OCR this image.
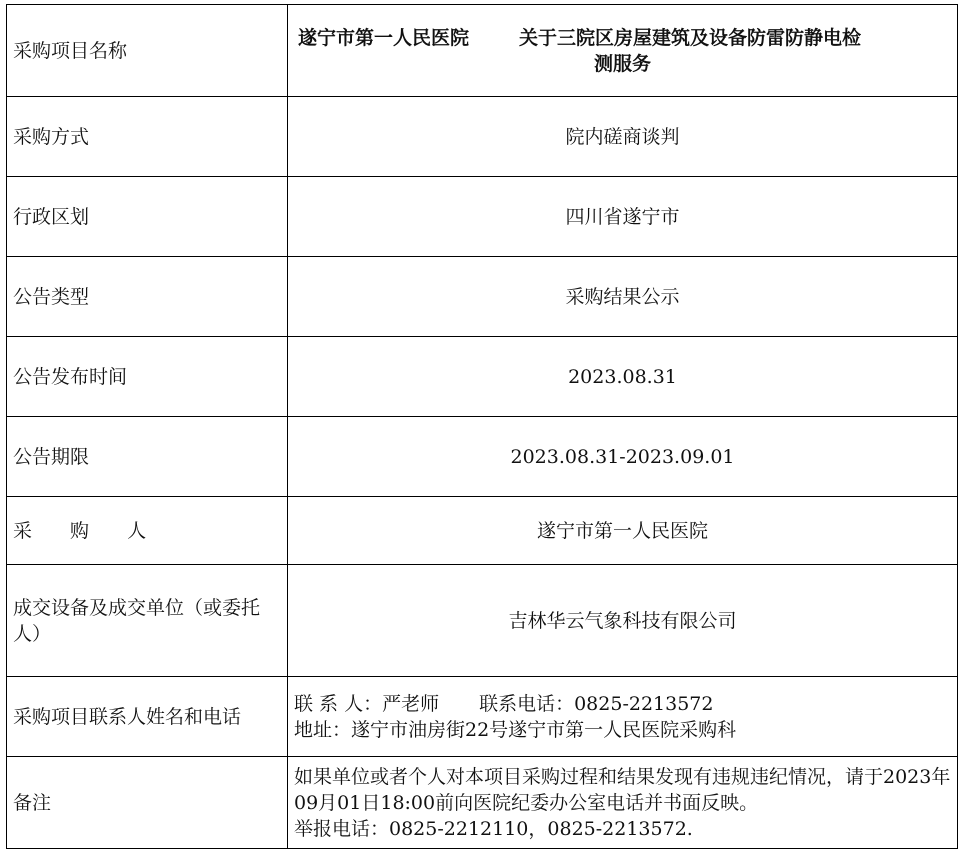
采购项目名称	遂宁市第一人民医院 关于三院区房屋建筑及设备防雷防静电检
测服务

采购方式	院内磋商谈判
行政区划	四川省遂宁市
公告类型	采购结果公示
公告发布时间	2023.08.31
公告期限	2023.08.31-2023.09.01
采 购 人	遂宁市第一人民医院
成交设备及成交单位（或委托人）	吉林华云气象科技有限公司
采购项目联系人姓名和电话	联 系 人：严老师 联系电话：0825-2213572
地址：遂宁市油房街22号遂宁市第一人民医院采购科

备注	如果单位或者个人对本项目采购过程和结果发现有违规违纪情况，请于2023年09月01日18:00前向医院纪委办公室电话并书面反映。
举报电话：0825-2212110，0825-2213572.
